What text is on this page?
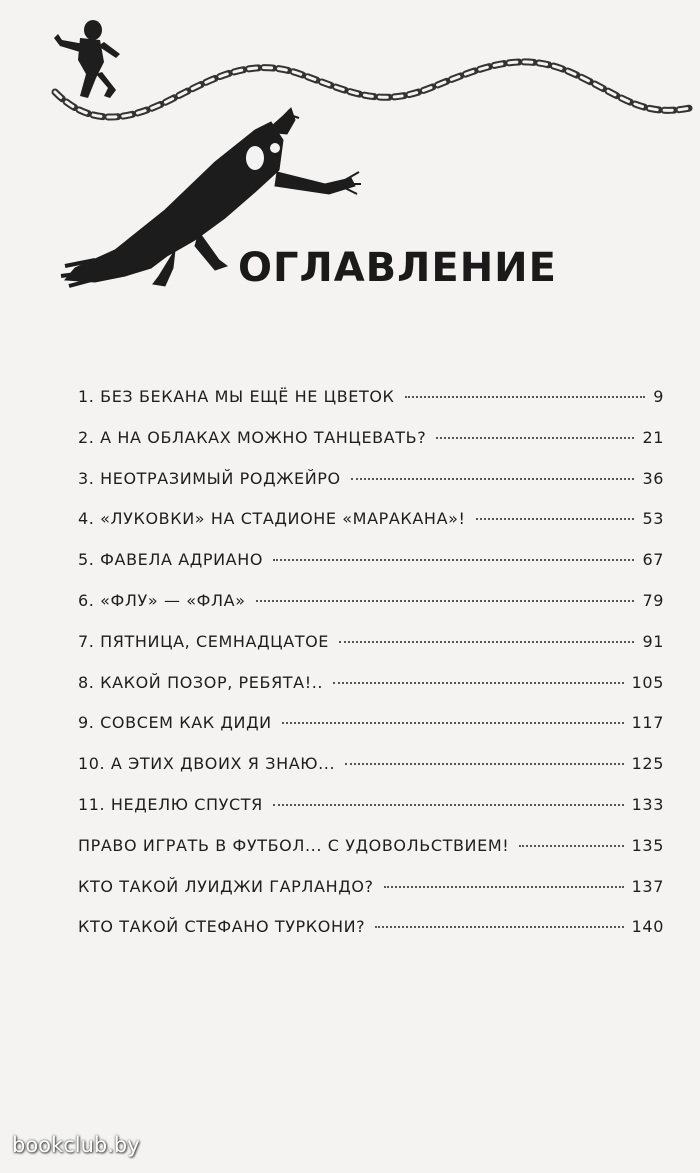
ОГЛАВЛЕНИЕ
1. БЕЗ БЕКАНА МЫ ЕЩЁ НЕ ЦВЕТОК	9
2. А НА ОБЛАКАХ МОЖНО ТАНЦЕВАТЬ?	21
3. НЕОТРАЗИМЫЙ РОДЖЕЙРО	36
4. «ЛУКОВКИ» НА СТАДИОНЕ «МАРАКАНА»!	53
5. ФАВЕЛА АДРИАНО	67
6. «ФЛУ» — «ФЛА»	79
7. ПЯТНИЦА, СЕМНАДЦАТОЕ	91
8. КАКОЙ ПОЗОР, РЕБЯТА!..	105
9. СОВСЕМ КАК ДИДИ	117
10. А ЭТИХ ДВОИХ Я ЗНАЮ...	125
11. НЕДЕЛЮ СПУСТЯ	133
ПРАВО ИГРАТЬ В ФУТБОЛ... С УДОВОЛЬСТВИЕМ!	135
КТО ТАКОЙ ЛУИДЖИ ГАРЛАНДО?	137
КТО ТАКОЙ СТЕФАНО ТУРКОНИ?	140
bookclub.by
